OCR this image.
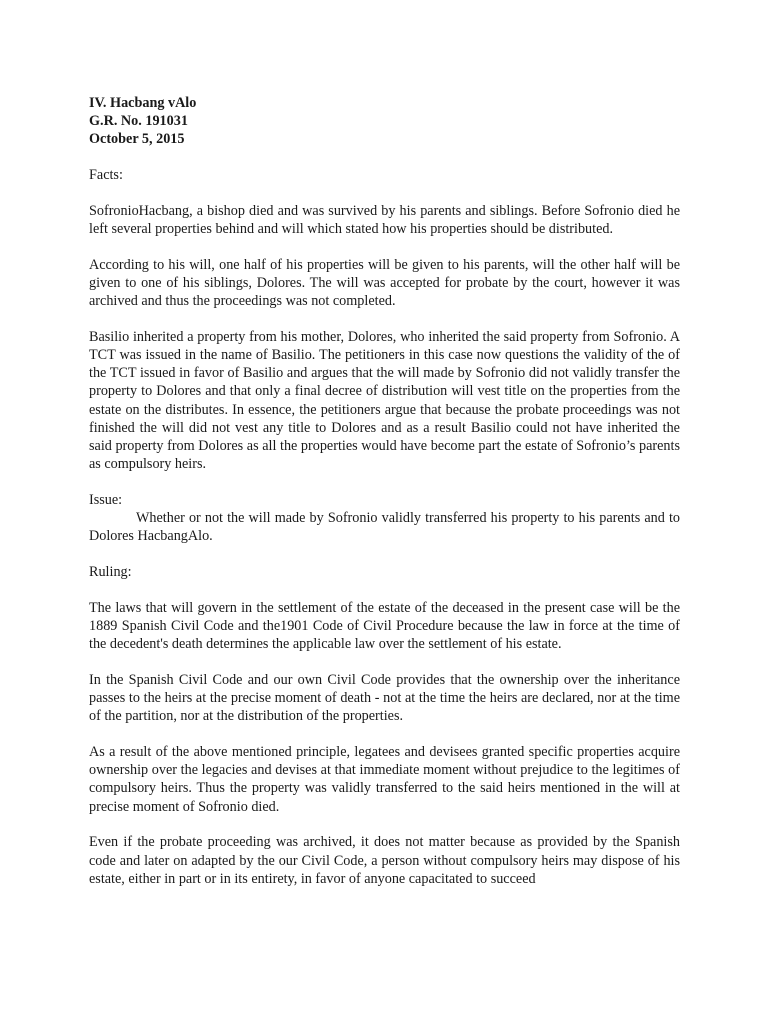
IV. Hacbang vAlo
G.R. No. 191031
October 5, 2015

Facts:

SofronioHacbang, a bishop died and was survived by his parents and siblings. Before Sofronio died he left several properties behind and will which stated how his properties should be distributed.

According to his will, one half of his properties will be given to his parents, will the other half will be given to one of his siblings, Dolores. The will was accepted for probate by the court, however it was archived and thus the proceedings was not completed.

Basilio inherited a property from his mother, Dolores, who inherited the said property from Sofronio. A TCT was issued in the name of Basilio. The petitioners in this case now questions the validity of the of the TCT issued in favor of Basilio and argues that the will made by Sofronio did not validly transfer the property to Dolores and that only a final decree of distribution will vest title on the properties from the estate on the distributes. In essence, the petitioners argue that because the probate proceedings was not finished the will did not vest any title to Dolores and as a result Basilio could not have inherited the said property from Dolores as all the properties would have become part the estate of Sofronio’s parents as compulsory heirs.

Issue:

Whether or not the will made by Sofronio validly transferred his property to his parents and to Dolores HacbangAlo.

Ruling:

The laws that will govern in the settlement of the estate of the deceased in the present case will be the 1889 Spanish Civil Code and the1901 Code of Civil Procedure because the law in force at the time of the decedent's death determines the applicable law over the settlement of his estate.

In the Spanish Civil Code and our own Civil Code provides that the ownership over the inheritance passes to the heirs at the precise moment of death - not at the time the heirs are declared, nor at the time of the partition, nor at the distribution of the properties.

As a result of the above mentioned principle, legatees and devisees granted specific properties acquire ownership over the legacies and devises at that immediate moment without prejudice to the legitimes of compulsory heirs. Thus the property was validly transferred to the said heirs mentioned in the will at precise moment of Sofronio died.

Even if the probate proceeding was archived, it does not matter because as provided by the Spanish code and later on adapted by the our Civil Code, a person without compulsory heirs may dispose of his estate, either in part or in its entirety, in favor of anyone capacitated to succeed
